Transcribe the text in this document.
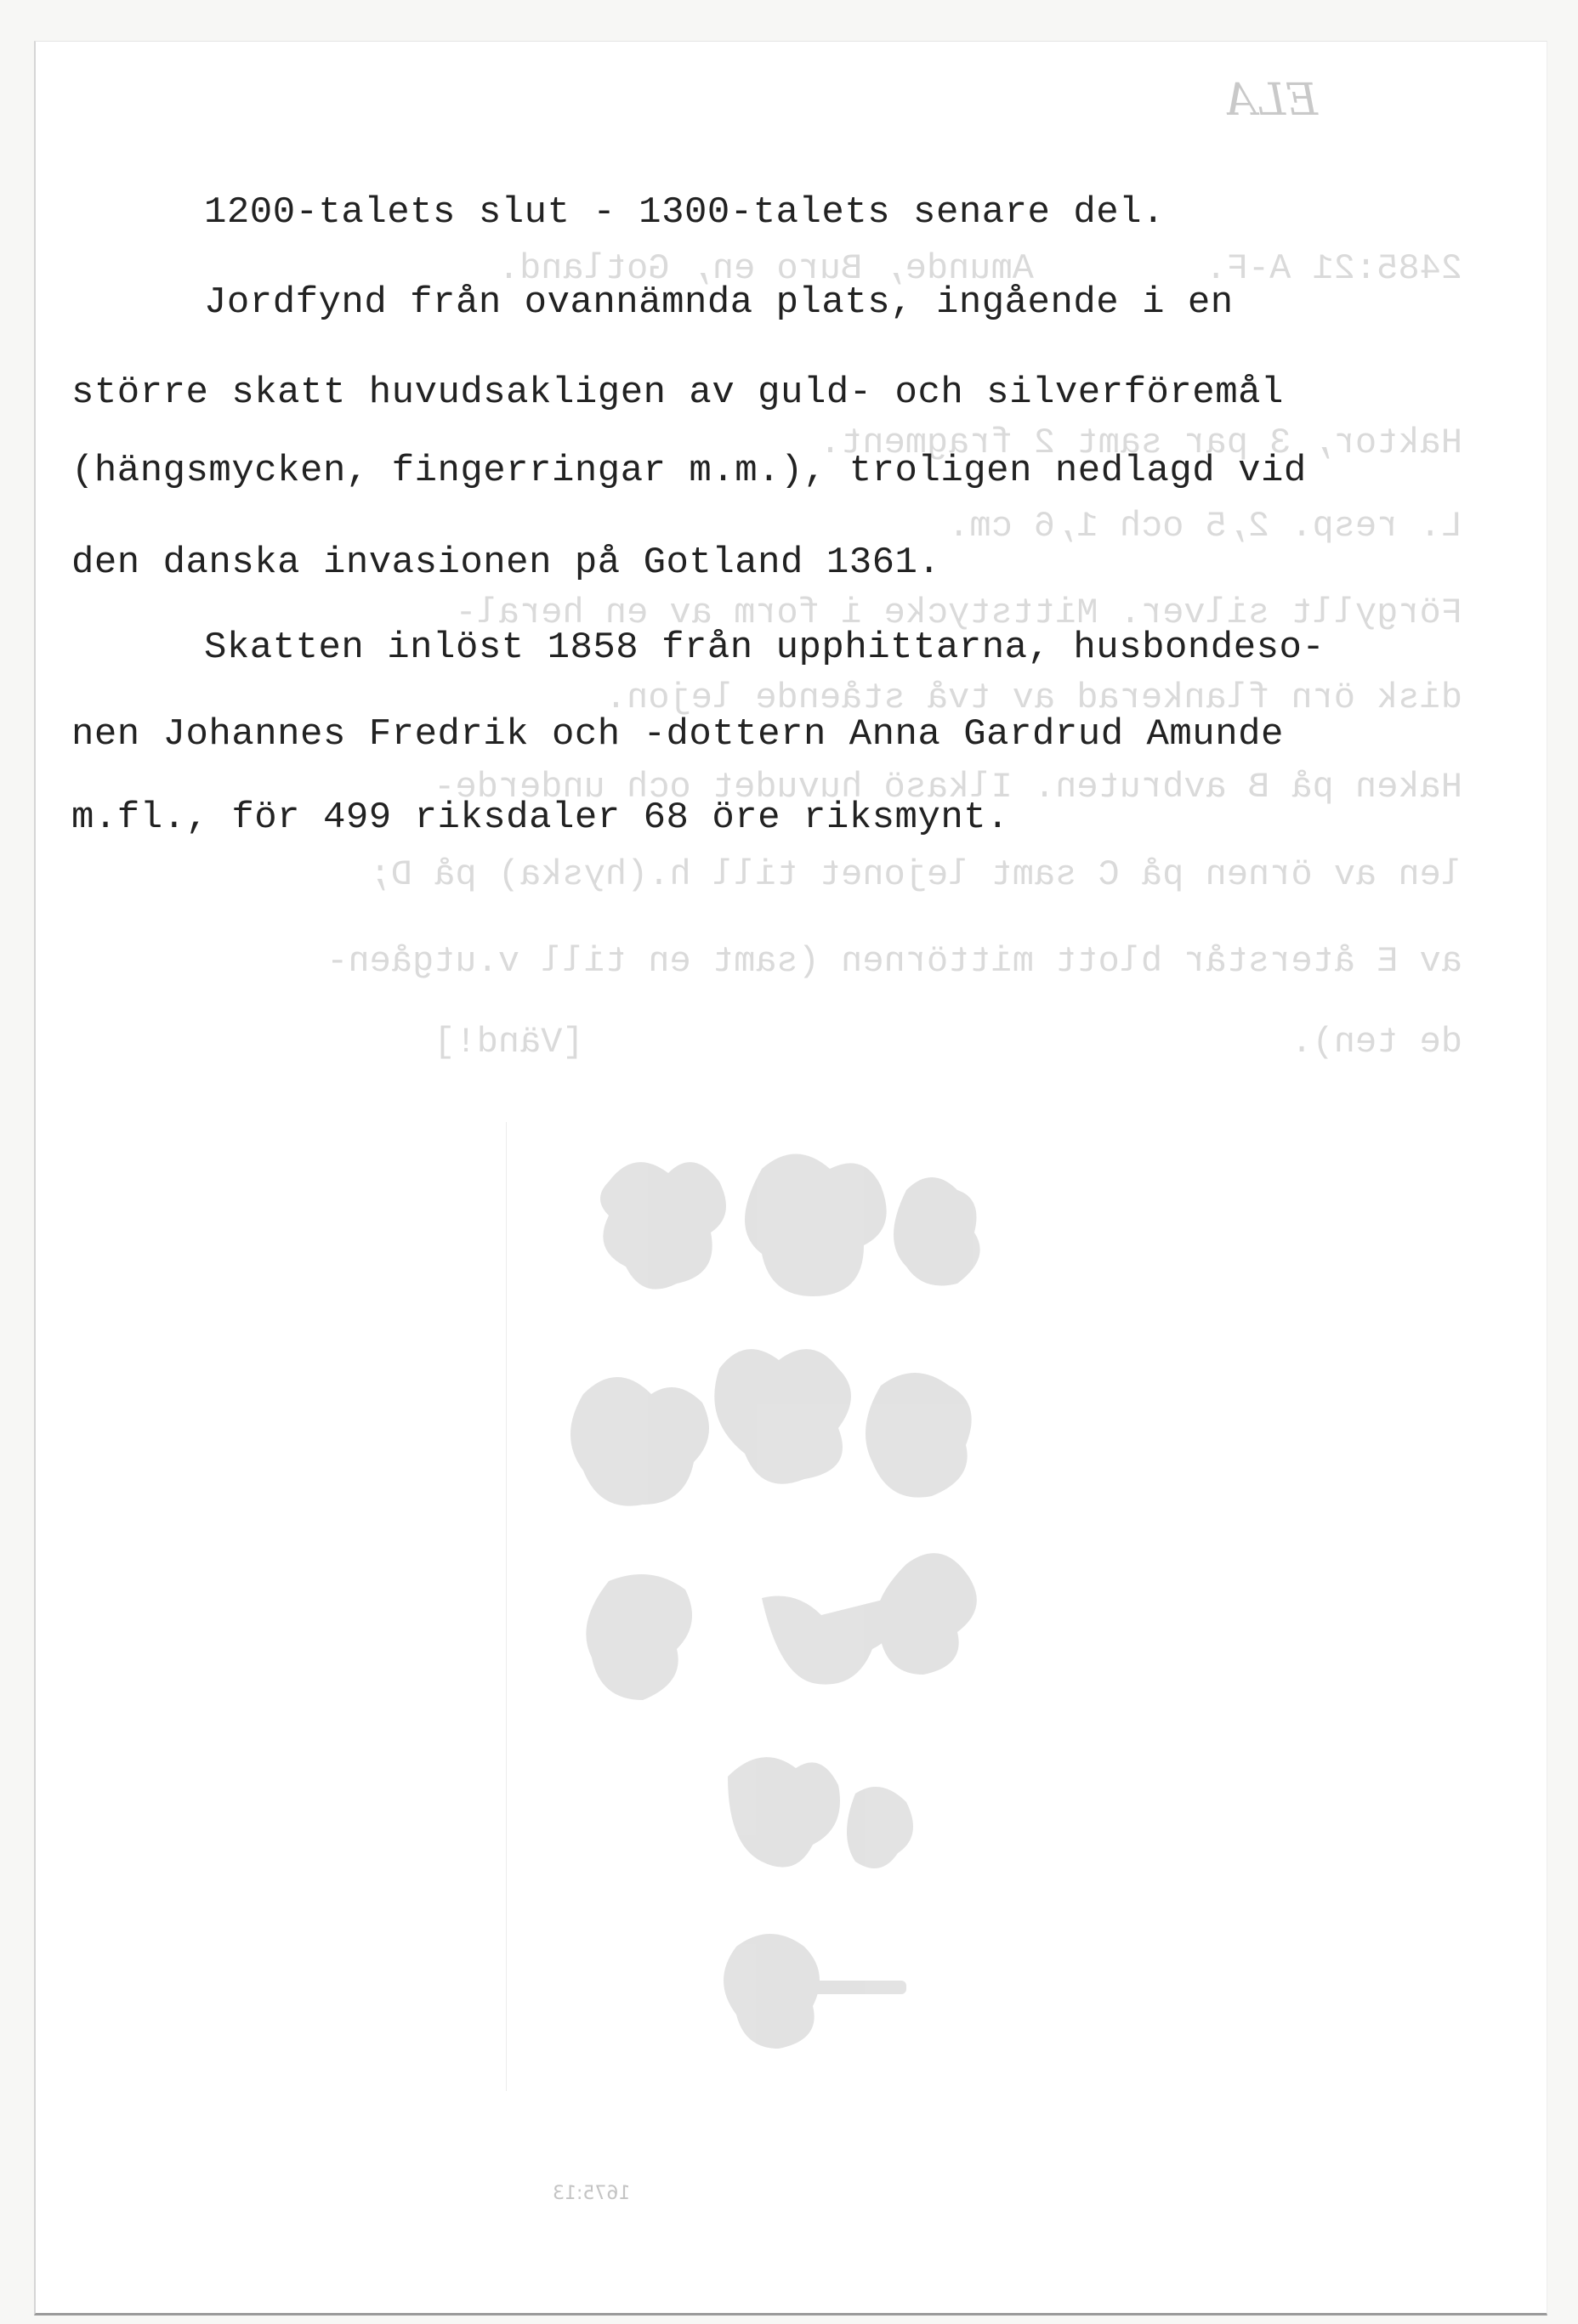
ELA
2485:21 A-F.        Amunde, Buro en, Gotland.
Haktor, 3 par samt 2 fragment.
L. resp. 2,5 och 1,6 cm.
Förgyllt silver. Mittstycke i form av en heral-
disk örn flankerad av två stående lejon.
Haken på B avbruten. Ilkasö huvudet och underde-
len av örnen på C samt lejonet till h.(hyska) på D;
av E återstår blott mittörnen (samt en till v.utgåen-
de ten).                                 [Vänd!]
1675:13
1200-talets slut - 1300-talets senare del.
Jordfynd från ovannämnda plats, ingående i en
större skatt huvudsakligen av guld- och silverföremål
(hängsmycken, fingerringar m.m.), troligen nedlagd vid
den danska invasionen på Gotland 1361.
Skatten inlöst 1858 från upphittarna, husbondeso-
nen Johannes Fredrik och -dottern Anna Gardrud Amunde
m.fl., för 499 riksdaler 68 öre riksmynt.
